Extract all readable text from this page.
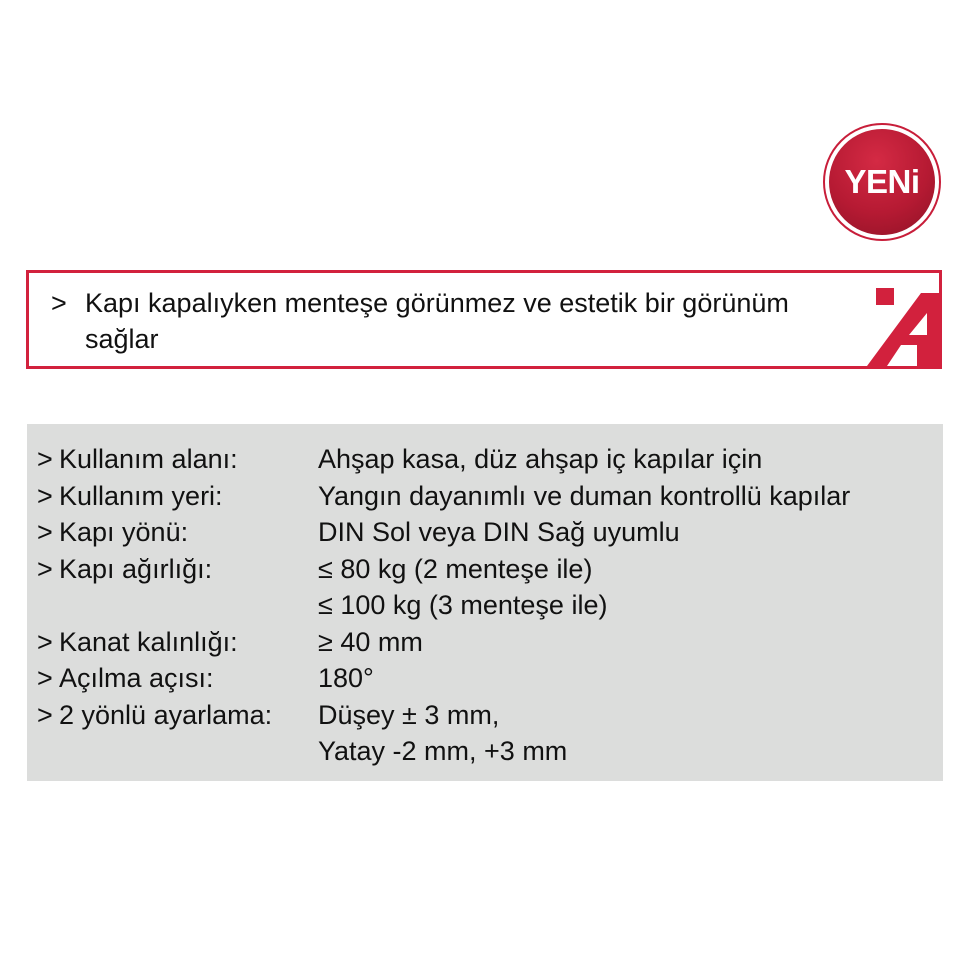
YENi
> Kapı kapalıyken menteşe görünmez ve estetik bir görünüm sağlar
> Kullanım alanı:	Ahşap kasa, düz ahşap iç kapılar için
> Kullanım yeri:	Yangın dayanımlı ve duman kontrollü kapılar
> Kapı yönü:	DIN Sol veya DIN Sağ uyumlu
> Kapı ağırlığı:	≤ 80 kg (2 menteşe ile)
≤ 100 kg (3 menteşe ile)
> Kanat kalınlığı:	≥ 40 mm
> Açılma açısı:	180°
> 2 yönlü ayarlama:	Düşey ± 3 mm,
Yatay -2 mm, +3 mm
